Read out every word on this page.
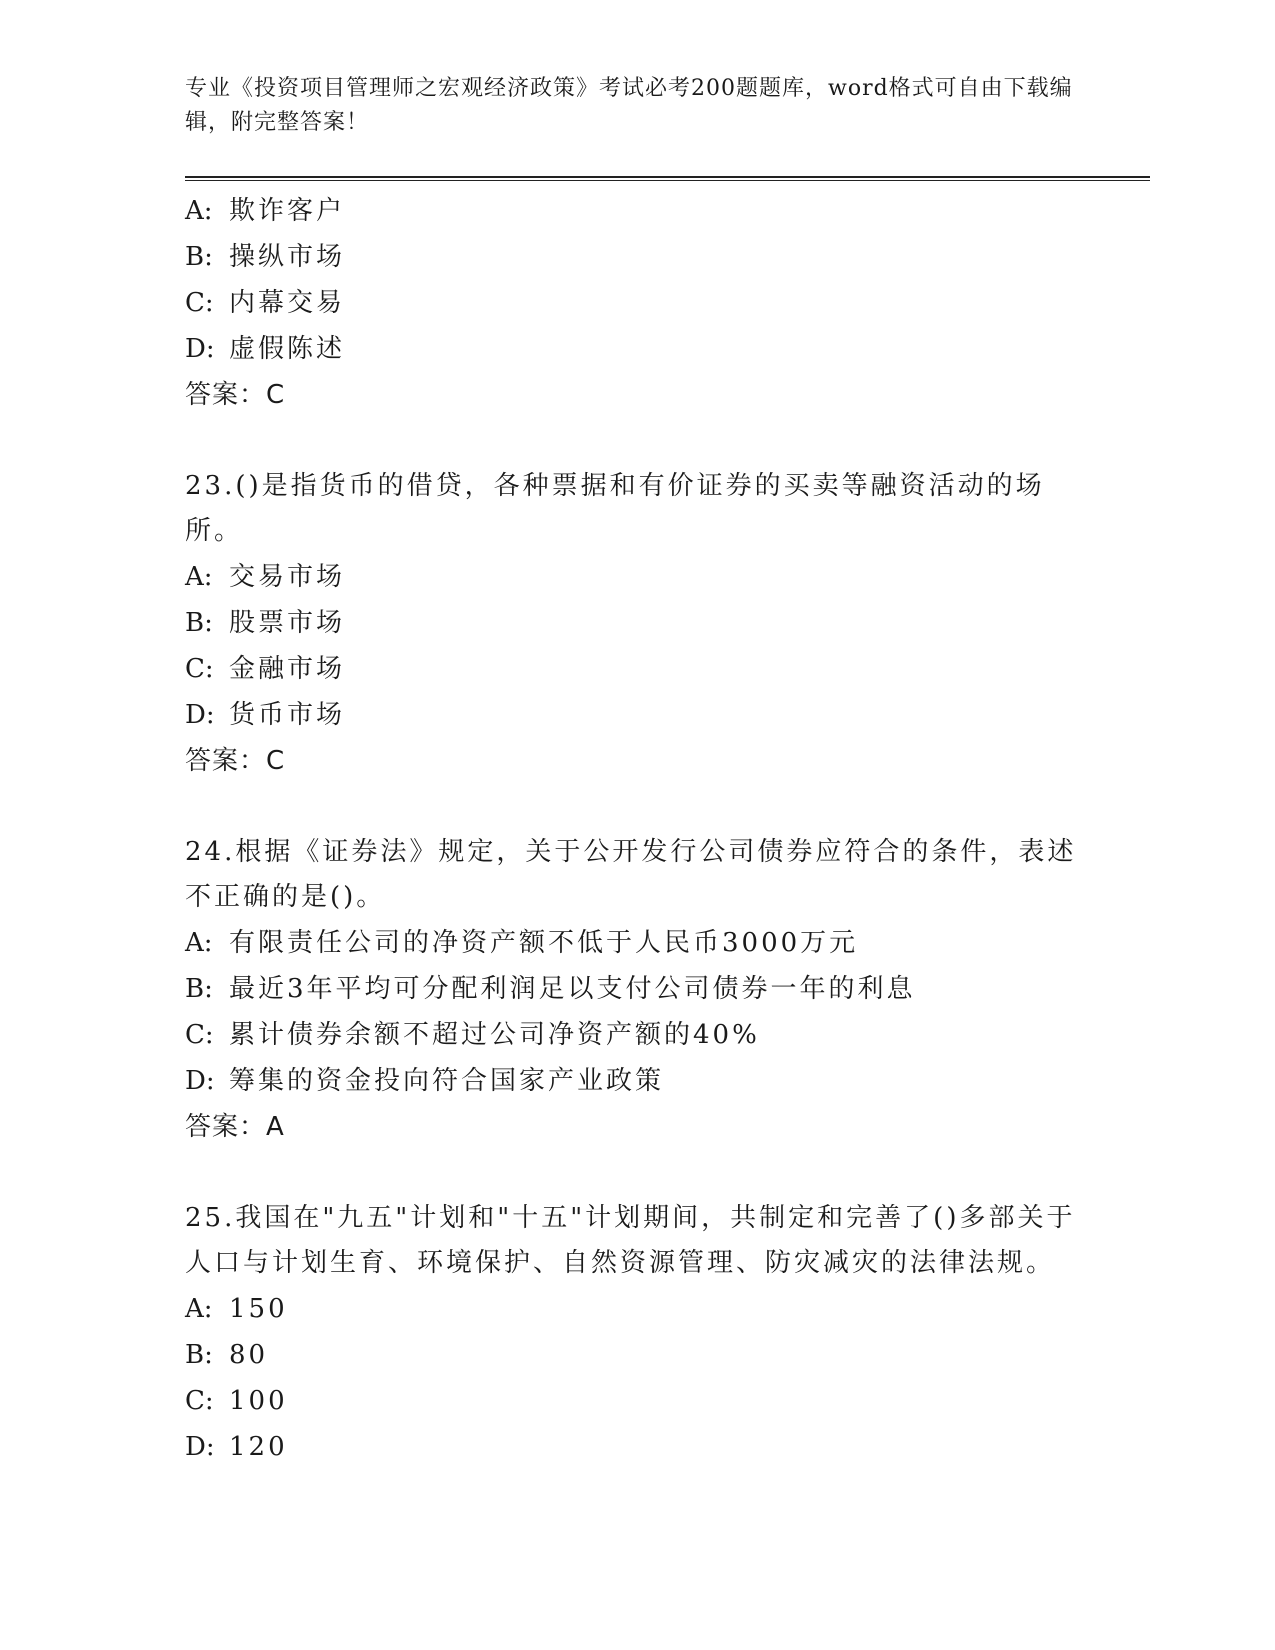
专业《投资项目管理师之宏观经济政策》考试必考200题题库，word格式可自由下载编辑，附完整答案！
A: 欺诈客户
B: 操纵市场
C: 内幕交易
D: 虚假陈述
答案：C
23.()是指货币的借贷，各种票据和有价证券的买卖等融资活动的场所。
A: 交易市场
B: 股票市场
C: 金融市场
D: 货币市场
答案：C
24.根据《证券法》规定，关于公开发行公司债券应符合的条件，表述不正确的是()。
A: 有限责任公司的净资产额不低于人民币3000万元
B: 最近3年平均可分配利润足以支付公司债券一年的利息
C: 累计债券余额不超过公司净资产额的40%
D: 筹集的资金投向符合国家产业政策
答案：A
25.我国在"九五"计划和"十五"计划期间，共制定和完善了()多部关于人口与计划生育、环境保护、自然资源管理、防灾减灾的法律法规。
A: 150
B: 80
C: 100
D: 120
